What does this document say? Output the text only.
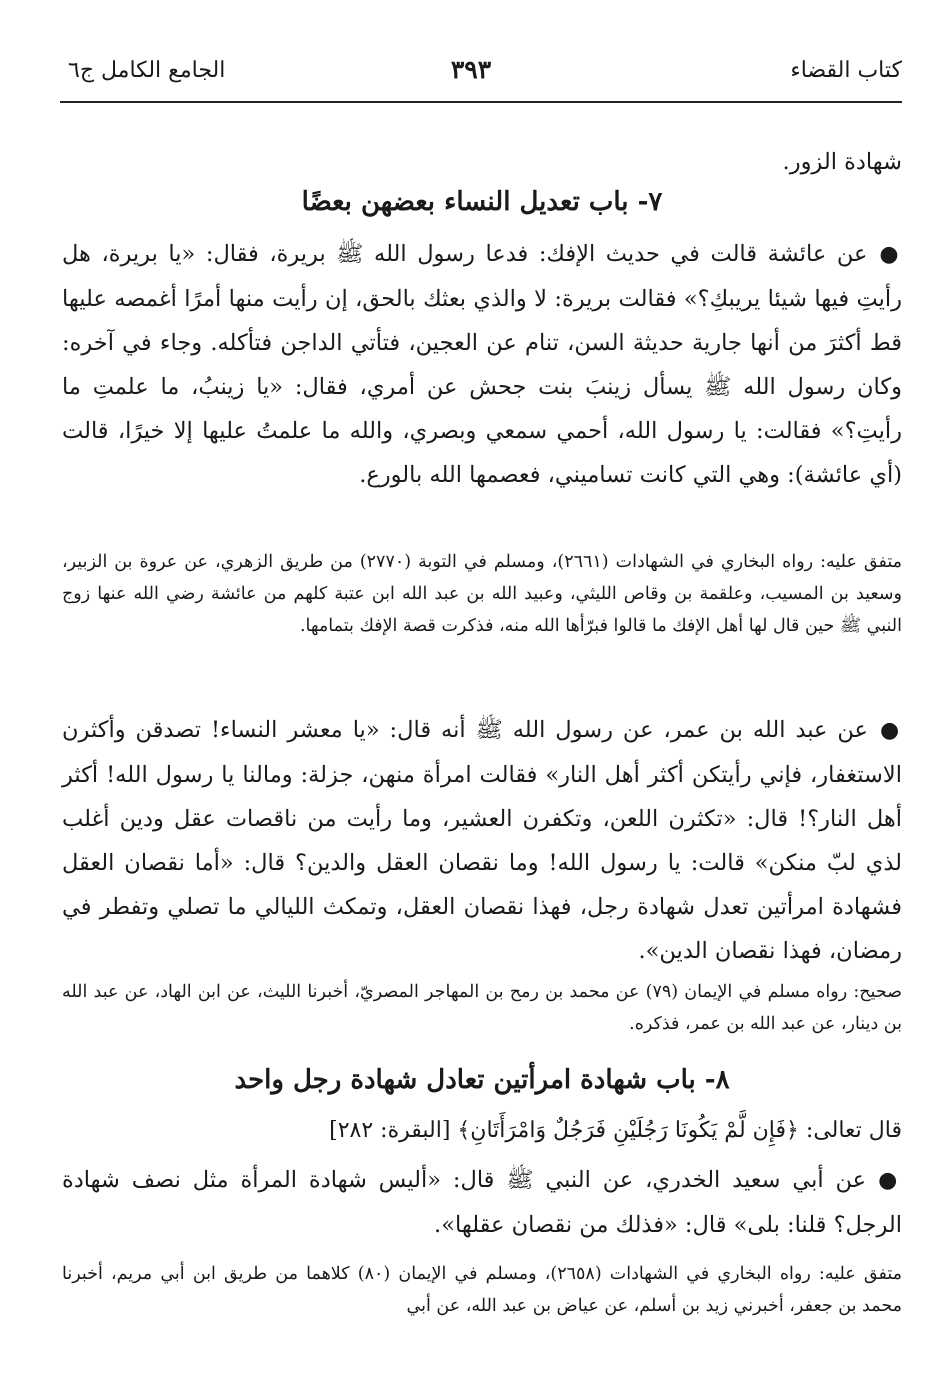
كتاب القضاء
٣٩٣
الجامع الكامل ج٦

شهادة الزور.

٧- باب تعديل النساء بعضهن بعضًا

●عن عائشة قالت في حديث الإفك: فدعا رسول الله ﷺ بريرة، فقال: «يا بريرة، هل رأيتِ فيها شيئا يريبكِ؟» فقالت بريرة: لا والذي بعثك بالحق، إن رأيت منها أمرًا أغمصه عليها قط أكثرَ من أنها جارية حديثة السن، تنام عن العجين، فتأتي الداجن فتأكله. وجاء في آخره: وكان رسول الله ﷺ يسأل زينبَ بنت جحش عن أمري، فقال: «يا زينبُ، ما علمتِ ما رأيتِ؟» فقالت: يا رسول الله، أحمي سمعي وبصري، والله ما علمتُ عليها إلا خيرًا، قالت (أي عائشة): وهي التي كانت تساميني، فعصمها الله بالورع.

متفق عليه: رواه البخاري في الشهادات (٢٦٦١)، ومسلم في التوبة (٢٧٧٠) من طريق الزهري، عن عروة بن الزبير، وسعيد بن المسيب، وعلقمة بن وقاص الليثي، وعبيد الله بن عبد الله ابن عتبة كلهم من عائشة رضي الله عنها زوج النبي ﷺ حين قال لها أهل الإفك ما قالوا فبرّأها الله منه، فذكرت قصة الإفك بتمامها.

●عن عبد الله بن عمر، عن رسول الله ﷺ أنه قال: «يا معشر النساء! تصدقن وأكثرن الاستغفار، فإني رأيتكن أكثر أهل النار» فقالت امرأة منهن، جزلة: ومالنا يا رسول الله! أكثر أهل النار؟! قال: «تكثرن اللعن، وتكفرن العشير، وما رأيت من ناقصات عقل ودين أغلب لذي لبّ منكن» قالت: يا رسول الله! وما نقصان العقل والدين؟ قال: «أما نقصان العقل فشهادة امرأتين تعدل شهادة رجل، فهذا نقصان العقل، وتمكث الليالي ما تصلي وتفطر في رمضان، فهذا نقصان الدين».

صحيح: رواه مسلم في الإيمان (٧٩) عن محمد بن رمح بن المهاجر المصريّ، أخبرنا الليث، عن ابن الهاد، عن عبد الله بن دينار، عن عبد الله بن عمر، فذكره.

٨- باب شهادة امرأتين تعادل شهادة رجل واحد

قال تعالى: ﴿فَإِن لَّمْ يَكُونَا رَجُلَيْنِ فَرَجُلٌ وَامْرَأَتَانِ﴾ [البقرة: ٢٨٢]

●عن أبي سعيد الخدري، عن النبي ﷺ قال: «أليس شهادة المرأة مثل نصف شهادة الرجل؟ قلنا: بلى» قال: «فذلك من نقصان عقلها».

متفق عليه: رواه البخاري في الشهادات (٢٦٥٨)، ومسلم في الإيمان (٨٠) كلاهما من طريق ابن أبي مريم، أخبرنا محمد بن جعفر، أخبرني زيد بن أسلم، عن عياض بن عبد الله، عن أبي
